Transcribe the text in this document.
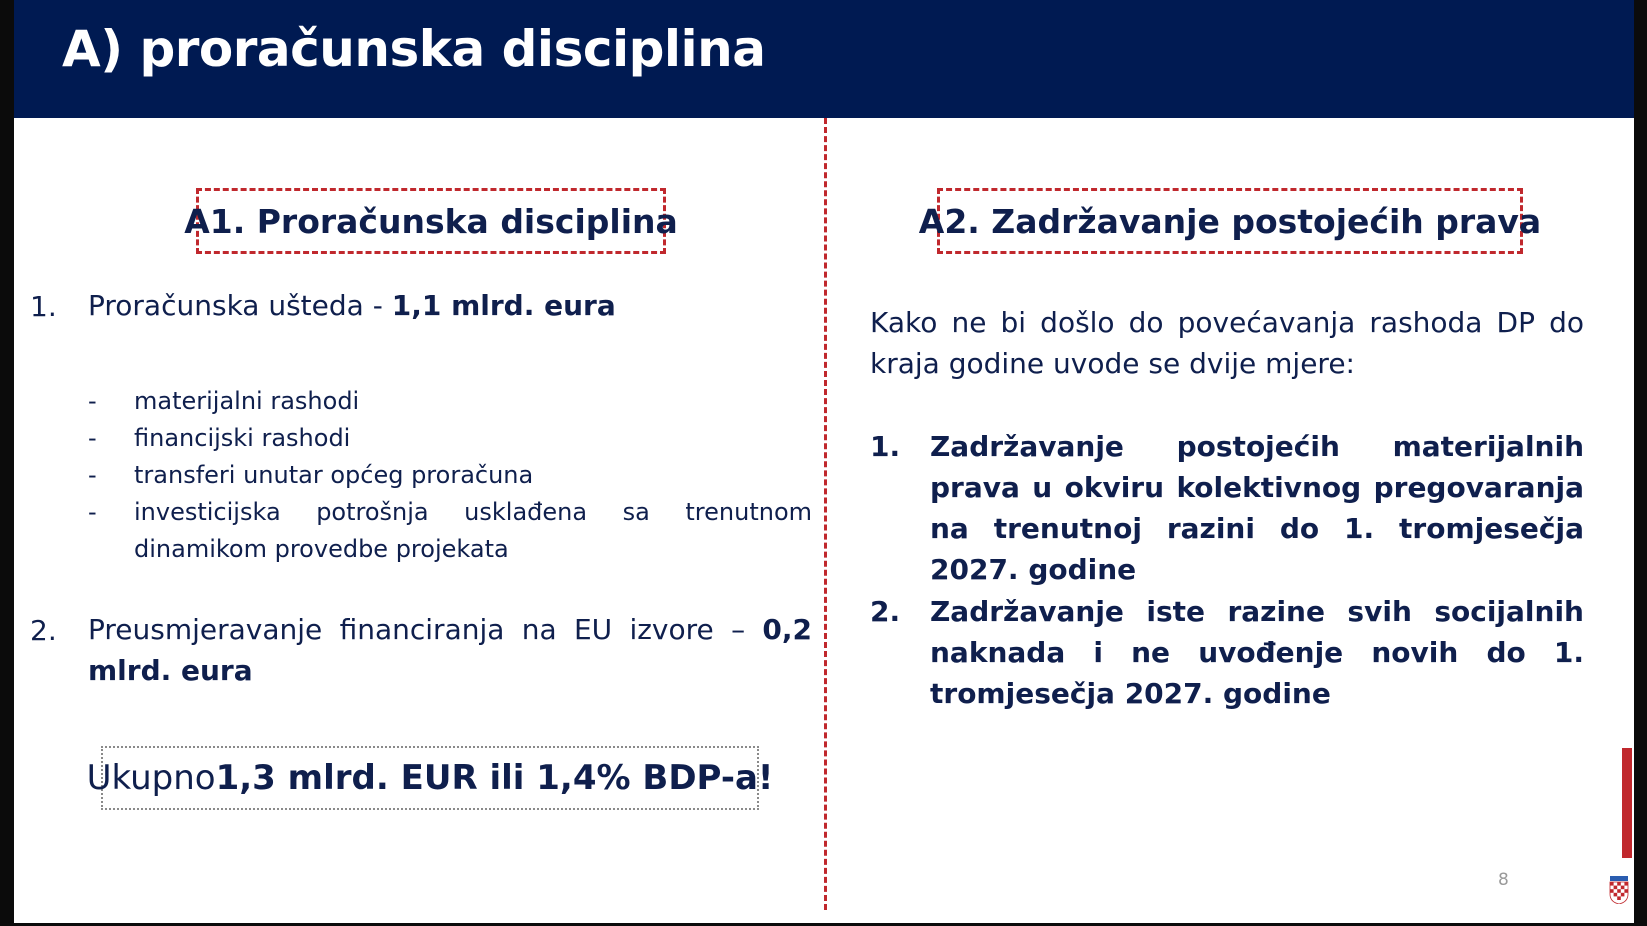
A) proračunska disciplina
A1. Proračunska disciplina
1. Proračunska ušteda - 1,1 mlrd. eura
- materijalni rashodi
- financijski rashodi
- transferi unutar općeg proračuna
- investicijska potrošnja usklađena sa trenutnom dinamikom provedbe projekata
2. Preusmjeravanje financiranja na EU izvore – 0,2 mlrd. eura
Ukupno 1,3 mlrd. EUR ili 1,4% BDP-a!
A2. Zadržavanje postojećih prava
Kako ne bi došlo do povećavanja rashoda DP do kraja godine uvode se dvije mjere:
1. Zadržavanje postojećih materijalnih prava u okviru kolektivnog pregovaranja na trenutnoj razini do 1. tromjesečja 2027. godine
2. Zadržavanje iste razine svih socijalnih naknada i ne uvođenje novih do 1. tromjesečja 2027. godine
8
